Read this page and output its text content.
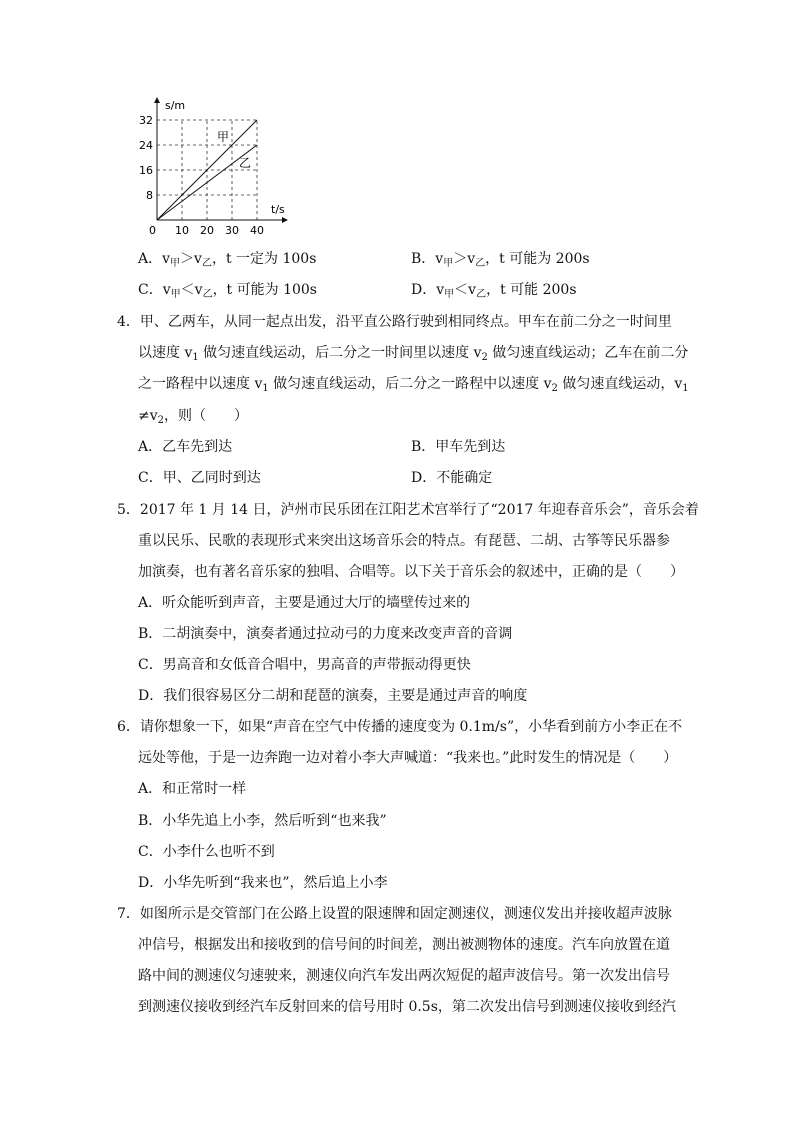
10 20 30 40
8
16
24
32
s/m
t/s
0
甲
乙
A．$v_甲>v_乙$，t 一定为 100s	B．$v_甲>v_乙$，t 可能为 200s
C．$v_甲<v_乙$，t 可能为 100s	D．$v_甲<v_乙$，t 可能 200s
4．甲、乙两车，从同一起点出发，沿平直公路行驶到相同终点。甲车在前二分之一时间里
以速度 $v_1$ 做匀速直线运动，后二分之一时间里以速度 $v_2$ 做匀速直线运动；乙车在前二分
之一路程中以速度 $v_1$ 做匀速直线运动，后二分之一路程中以速度 $v_2$ 做匀速直线运动，$v_1$
$\ne v_2$，则（　　）
A．乙车先到达	B．甲车先到达
C．甲、乙同时到达	D．不能确定
5．2017 年 1 月 14 日，泸州市民乐团在江阳艺术宫举行了“2017 年迎春音乐会”，音乐会着
重以民乐、民歌的表现形式来突出这场音乐会的特点。有琵琶、二胡、古筝等民乐器参
加演奏，也有著名音乐家的独唱、合唱等。以下关于音乐会的叙述中，正确的是（　　）
A．听众能听到声音，主要是通过大厅的墙壁传过来的
B．二胡演奏中，演奏者通过拉动弓的力度来改变声音的音调
C．男高音和女低音合唱中，男高音的声带振动得更快
D．我们很容易区分二胡和琵琶的演奏，主要是通过声音的响度
6．请你想象一下，如果“声音在空气中传播的速度变为 0.1m/s”，小华看到前方小李正在不
远处等他，于是一边奔跑一边对着小李大声喊道：“我来也。”此时发生的情况是（　　）
A．和正常时一样
B．小华先追上小李，然后听到“也来我”
C．小李什么也听不到
D．小华先听到“我来也”，然后追上小李
7．如图所示是交管部门在公路上设置的限速牌和固定测速仪，测速仪发出并接收超声波脉
冲信号，根据发出和接收到的信号间的时间差，测出被测物体的速度。汽车向放置在道
路中间的测速仪匀速驶来，测速仪向汽车发出两次短促的超声波信号。第一次发出信号
到测速仪接收到经汽车反射回来的信号用时 0.5s，第二次发出信号到测速仪接收到经汽
